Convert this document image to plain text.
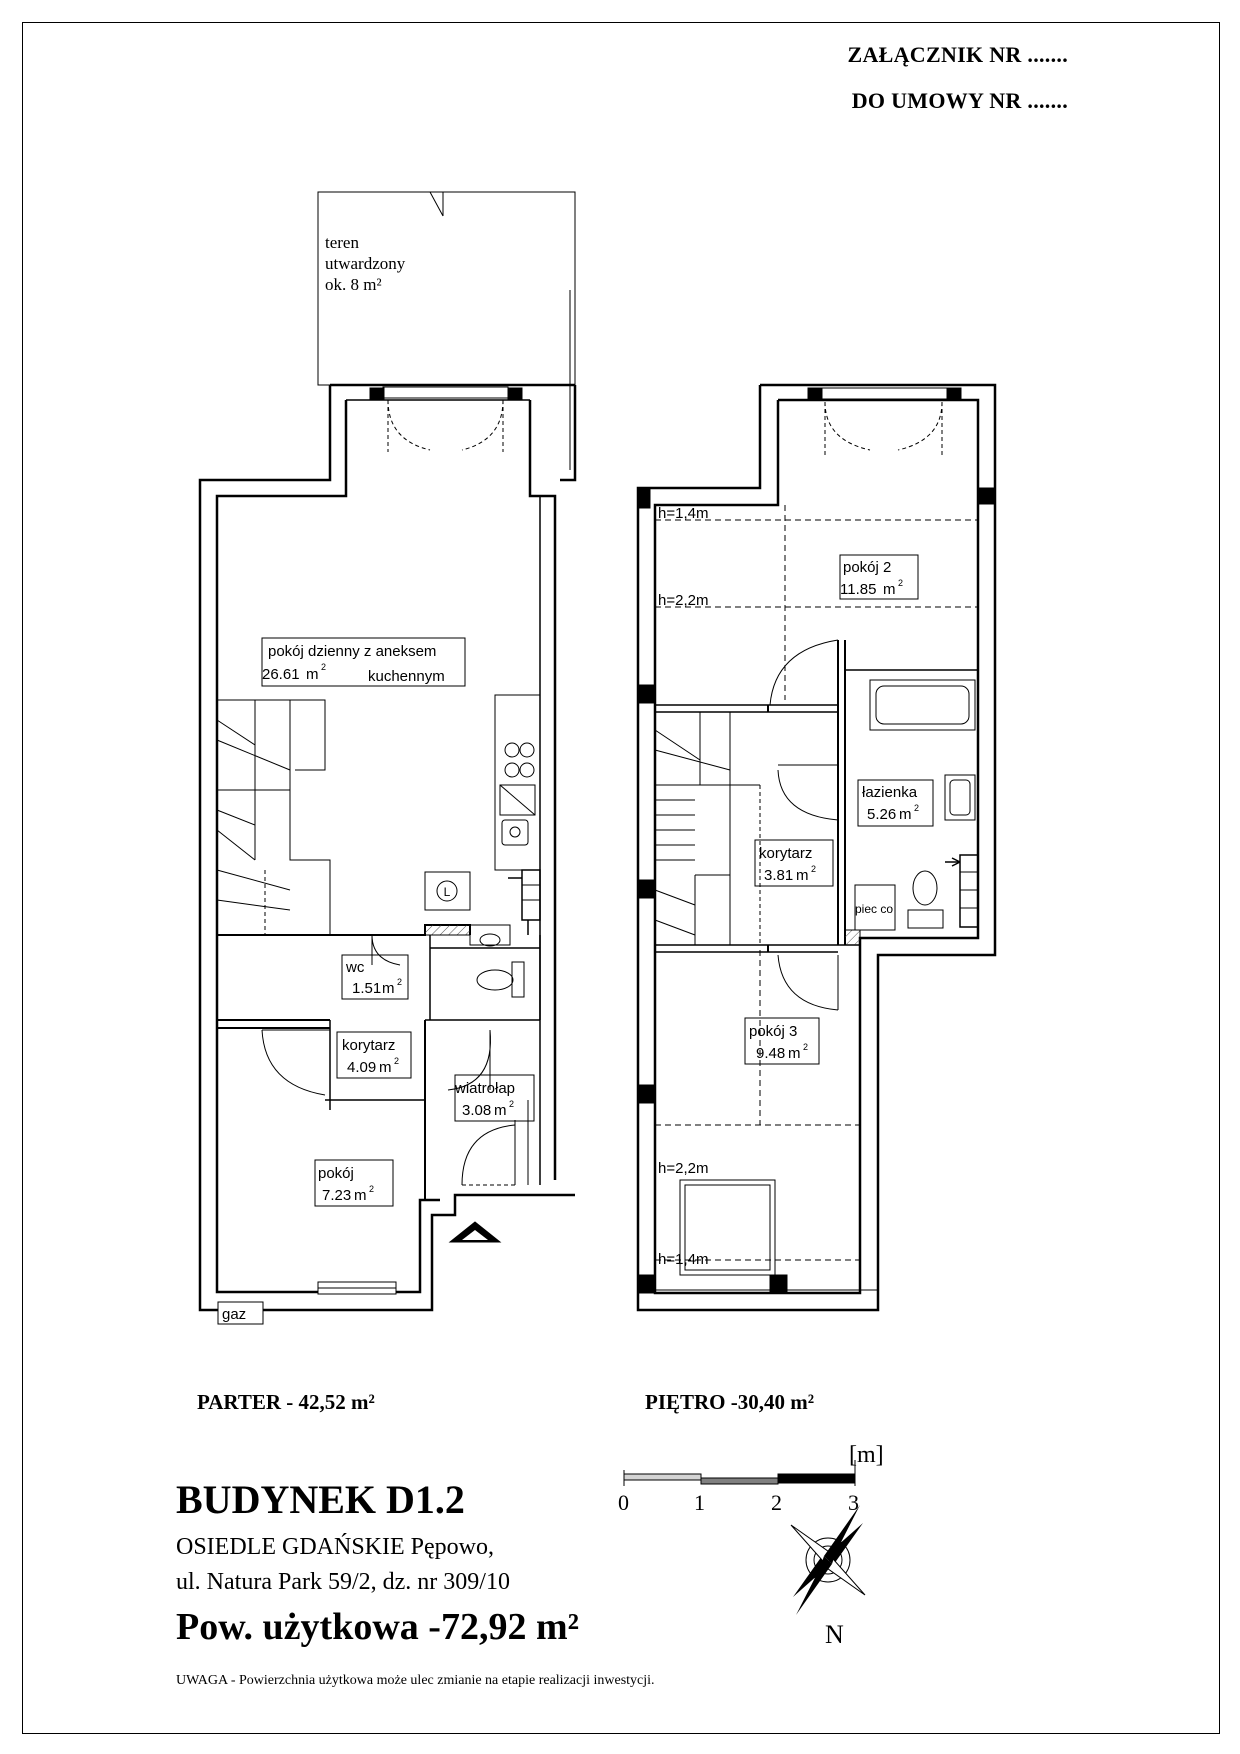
ZAŁĄCZNIK NR .......
DO UMOWY NR .......
L
pokój dzienny z aneksem
26.61 m 2
kuchennym
wc
1.51 m 2
korytarz
4.09 m 2
wiatrołap
3.08 m 2
pokój
7.23 m 2
gaz
teren
utwardzony
ok. 8 m²
h=1,4m
h=2,2m
h=2,2m
h=1,4m
pokój 2
11.85 m 2
łazienka
5.26 m 2
korytarz
3.81 m 2
pokój 3
9.48 m 2
piec co
PARTER - 42,52 m²	PIĘTRO -30,40 m²
BUDYNEK D1.2
OSIEDLE GDAŃSKIE Pępowo,
ul. Natura Park 59/2, dz. nr 309/10
Pow. użytkowa -72,92 m²
UWAGA - Powierzchnia użytkowa może ulec zmianie na etapie realizacji inwestycji.
[m]
0	1	2	3
N
